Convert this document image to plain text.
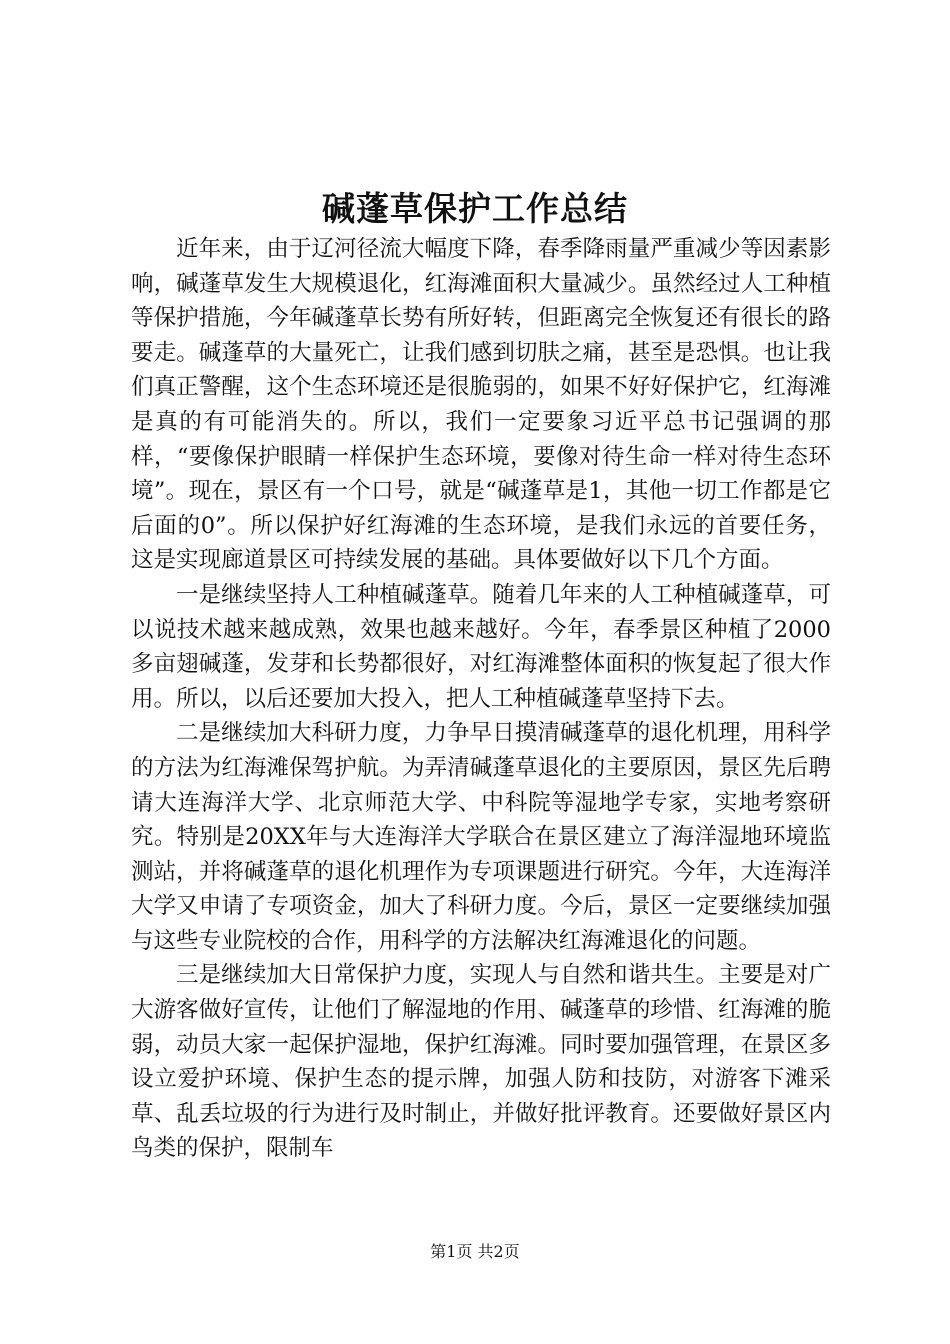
碱蓬草保护工作总结

近年来，由于辽河径流大幅度下降，春季降雨量严重减少等因素影响，碱蓬草发生大规模退化，红海滩面积大量减少。虽然经过人工种植等保护措施，今年碱蓬草长势有所好转，但距离完全恢复还有很长的路要走。碱蓬草的大量死亡，让我们感到切肤之痛，甚至是恐惧。也让我们真正警醒，这个生态环境还是很脆弱的，如果不好好保护它，红海滩是真的有可能消失的。所以，我们一定要象习近平总书记强调的那样，“要像保护眼睛一样保护生态环境，要像对待生命一样对待生态环境”。现在，景区有一个口号，就是“碱蓬草是1，其他一切工作都是它后面的0”。所以保护好红海滩的生态环境，是我们永远的首要任务，这是实现廊道景区可持续发展的基础。具体要做好以下几个方面。

一是继续坚持人工种植碱蓬草。随着几年来的人工种植碱蓬草，可以说技术越来越成熟，效果也越来越好。今年，春季景区种植了2000多亩翅碱蓬，发芽和长势都很好，对红海滩整体面积的恢复起了很大作用。所以，以后还要加大投入，把人工种植碱蓬草坚持下去。

二是继续加大科研力度，力争早日摸清碱蓬草的退化机理，用科学的方法为红海滩保驾护航。为弄清碱蓬草退化的主要原因，景区先后聘请大连海洋大学、北京师范大学、中科院等湿地学专家，实地考察研究。特别是20XX年与大连海洋大学联合在景区建立了海洋湿地环境监测站，并将碱蓬草的退化机理作为专项课题进行研究。今年，大连海洋大学又申请了专项资金，加大了科研力度。今后，景区一定要继续加强与这些专业院校的合作，用科学的方法解决红海滩退化的问题。

三是继续加大日常保护力度，实现人与自然和谐共生。主要是对广大游客做好宣传，让他们了解湿地的作用、碱蓬草的珍惜、红海滩的脆弱，动员大家一起保护湿地，保护红海滩。同时要加强管理，在景区多设立爱护环境、保护生态的提示牌，加强人防和技防，对游客下滩采草、乱丢垃圾的行为进行及时制止，并做好批评教育。还要做好景区内鸟类的保护，限制车

第1页 共2页
